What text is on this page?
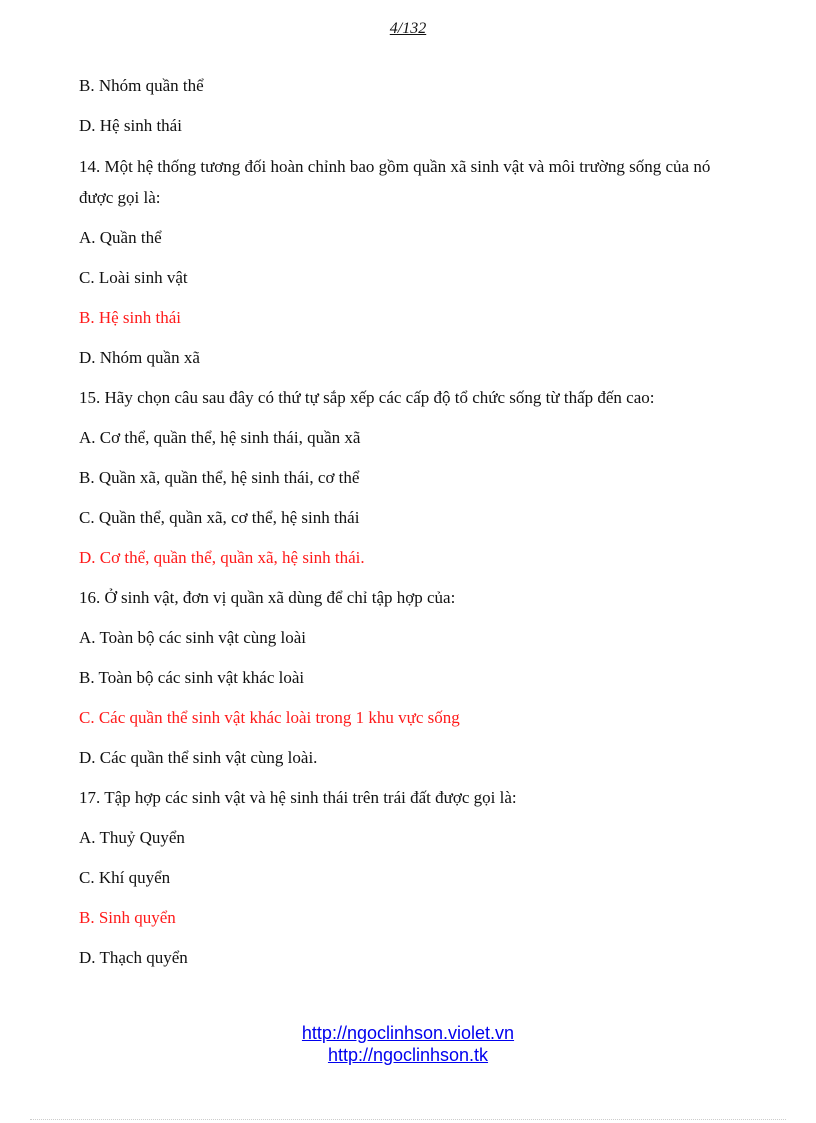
4/132

B. Nhóm quần thể

D. Hệ sinh thái

14. Một hệ thống tương đối hoàn chỉnh bao gồm quần xã sinh vật và môi trường sống của nó được gọi là:

A. Quần thể

C. Loài sinh vật

B. Hệ sinh thái

D. Nhóm quần xã

15. Hãy chọn câu sau đây có thứ tự sắp xếp các cấp độ tổ chức sống từ thấp đến cao:

A. Cơ thể, quần thể, hệ sinh thái, quần xã

B. Quần xã, quần thể, hệ sinh thái, cơ thể

C. Quần thể, quần xã, cơ thể, hệ sinh thái

D. Cơ thể, quần thể, quần xã, hệ sinh thái.

16. Ở sinh vật, đơn vị quần xã dùng để chỉ tập hợp của:

A. Toàn bộ các sinh vật cùng loài

B. Toàn bộ các sinh vật khác loài

C. Các quần thể sinh vật khác loài trong 1 khu vực sống

D. Các quần thể sinh vật cùng loài.

17. Tập hợp các sinh vật và hệ sinh thái trên trái đất được gọi là:

A. Thuỷ Quyển

C. Khí quyển

B. Sinh quyển

D. Thạch quyển

http://ngoclinhson.violet.vn
http://ngoclinhson.tk
